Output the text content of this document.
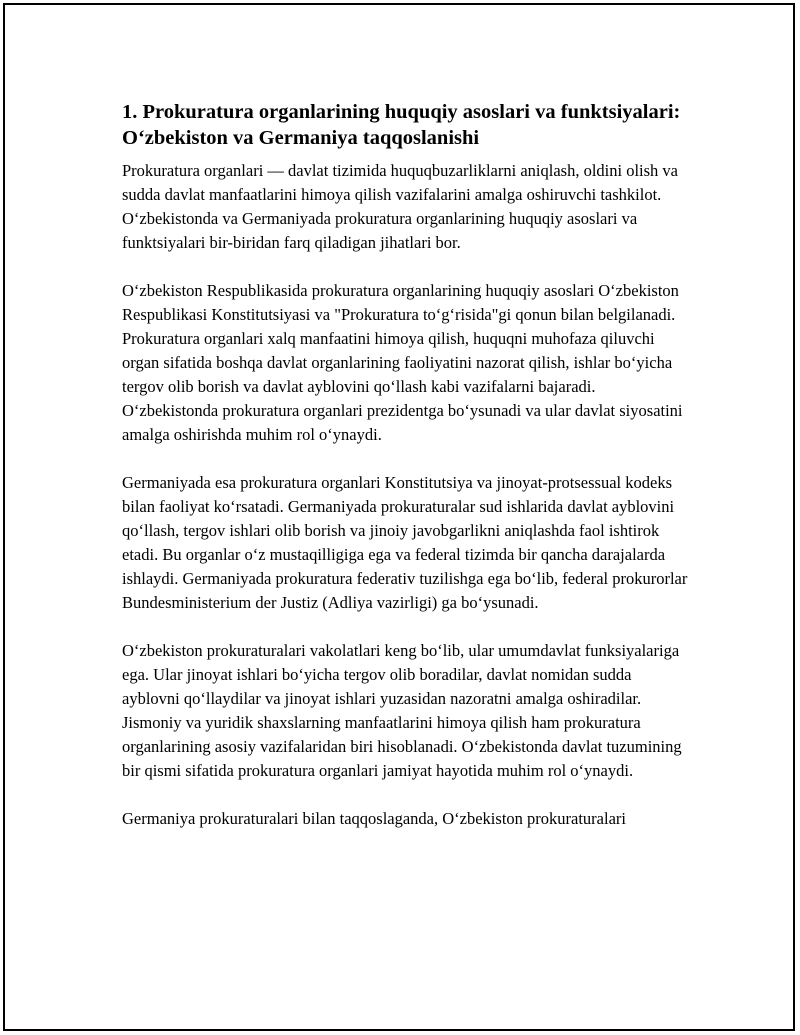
1. Prokuratura organlarining huquqiy asoslari va funktsiyalari: O‘zbekiston va Germaniya taqqoslanishi

Prokuratura organlari — davlat tizimida huquqbuzarliklarni aniqlash, oldini olish va sudda davlat manfaatlarini himoya qilish vazifalarini amalga oshiruvchi tashkilot. O‘zbekistonda va Germaniyada prokuratura organlarining huquqiy asoslari va funktsiyalari bir-biridan farq qiladigan jihatlari bor.

O‘zbekiston Respublikasida prokuratura organlarining huquqiy asoslari O‘zbekiston Respublikasi Konstitutsiyasi va "Prokuratura to‘g‘risida"gi qonun bilan belgilanadi. Prokuratura organlari xalq manfaatini himoya qilish, huquqni muhofaza qiluvchi organ sifatida boshqa davlat organlarining faoliyatini nazorat qilish, ishlar bo‘yicha tergov olib borish va davlat ayblovini qo‘llash kabi vazifalarni bajaradi. O‘zbekistonda prokuratura organlari prezidentga bo‘ysunadi va ular davlat siyosatini amalga oshirishda muhim rol o‘ynaydi.

Germaniyada esa prokuratura organlari Konstitutsiya va jinoyat-protsessual kodeks bilan faoliyat ko‘rsatadi. Germaniyada prokuraturalar sud ishlarida davlat ayblovini qo‘llash, tergov ishlari olib borish va jinoiy javobgarlikni aniqlashda faol ishtirok etadi. Bu organlar o‘z mustaqilligiga ega va federal tizimda bir qancha darajalarda ishlaydi. Germaniyada prokuratura federativ tuzilishga ega bo‘lib, federal prokurorlar Bundesministerium der Justiz (Adliya vazirligi) ga bo‘ysunadi.

O‘zbekiston prokuraturalari vakolatlari keng bo‘lib, ular umumdavlat funksiyalariga ega. Ular jinoyat ishlari bo‘yicha tergov olib boradilar, davlat nomidan sudda ayblovni qo‘llaydilar va jinoyat ishlari yuzasidan nazoratni amalga oshiradilar. Jismoniy va yuridik shaxslarning manfaatlarini himoya qilish ham prokuratura organlarining asosiy vazifalaridan biri hisoblanadi. O‘zbekistonda davlat tuzumining bir qismi sifatida prokuratura organlari jamiyat hayotida muhim rol o‘ynaydi.

Germaniya prokuraturalari bilan taqqoslaganda, O‘zbekiston prokuraturalari
